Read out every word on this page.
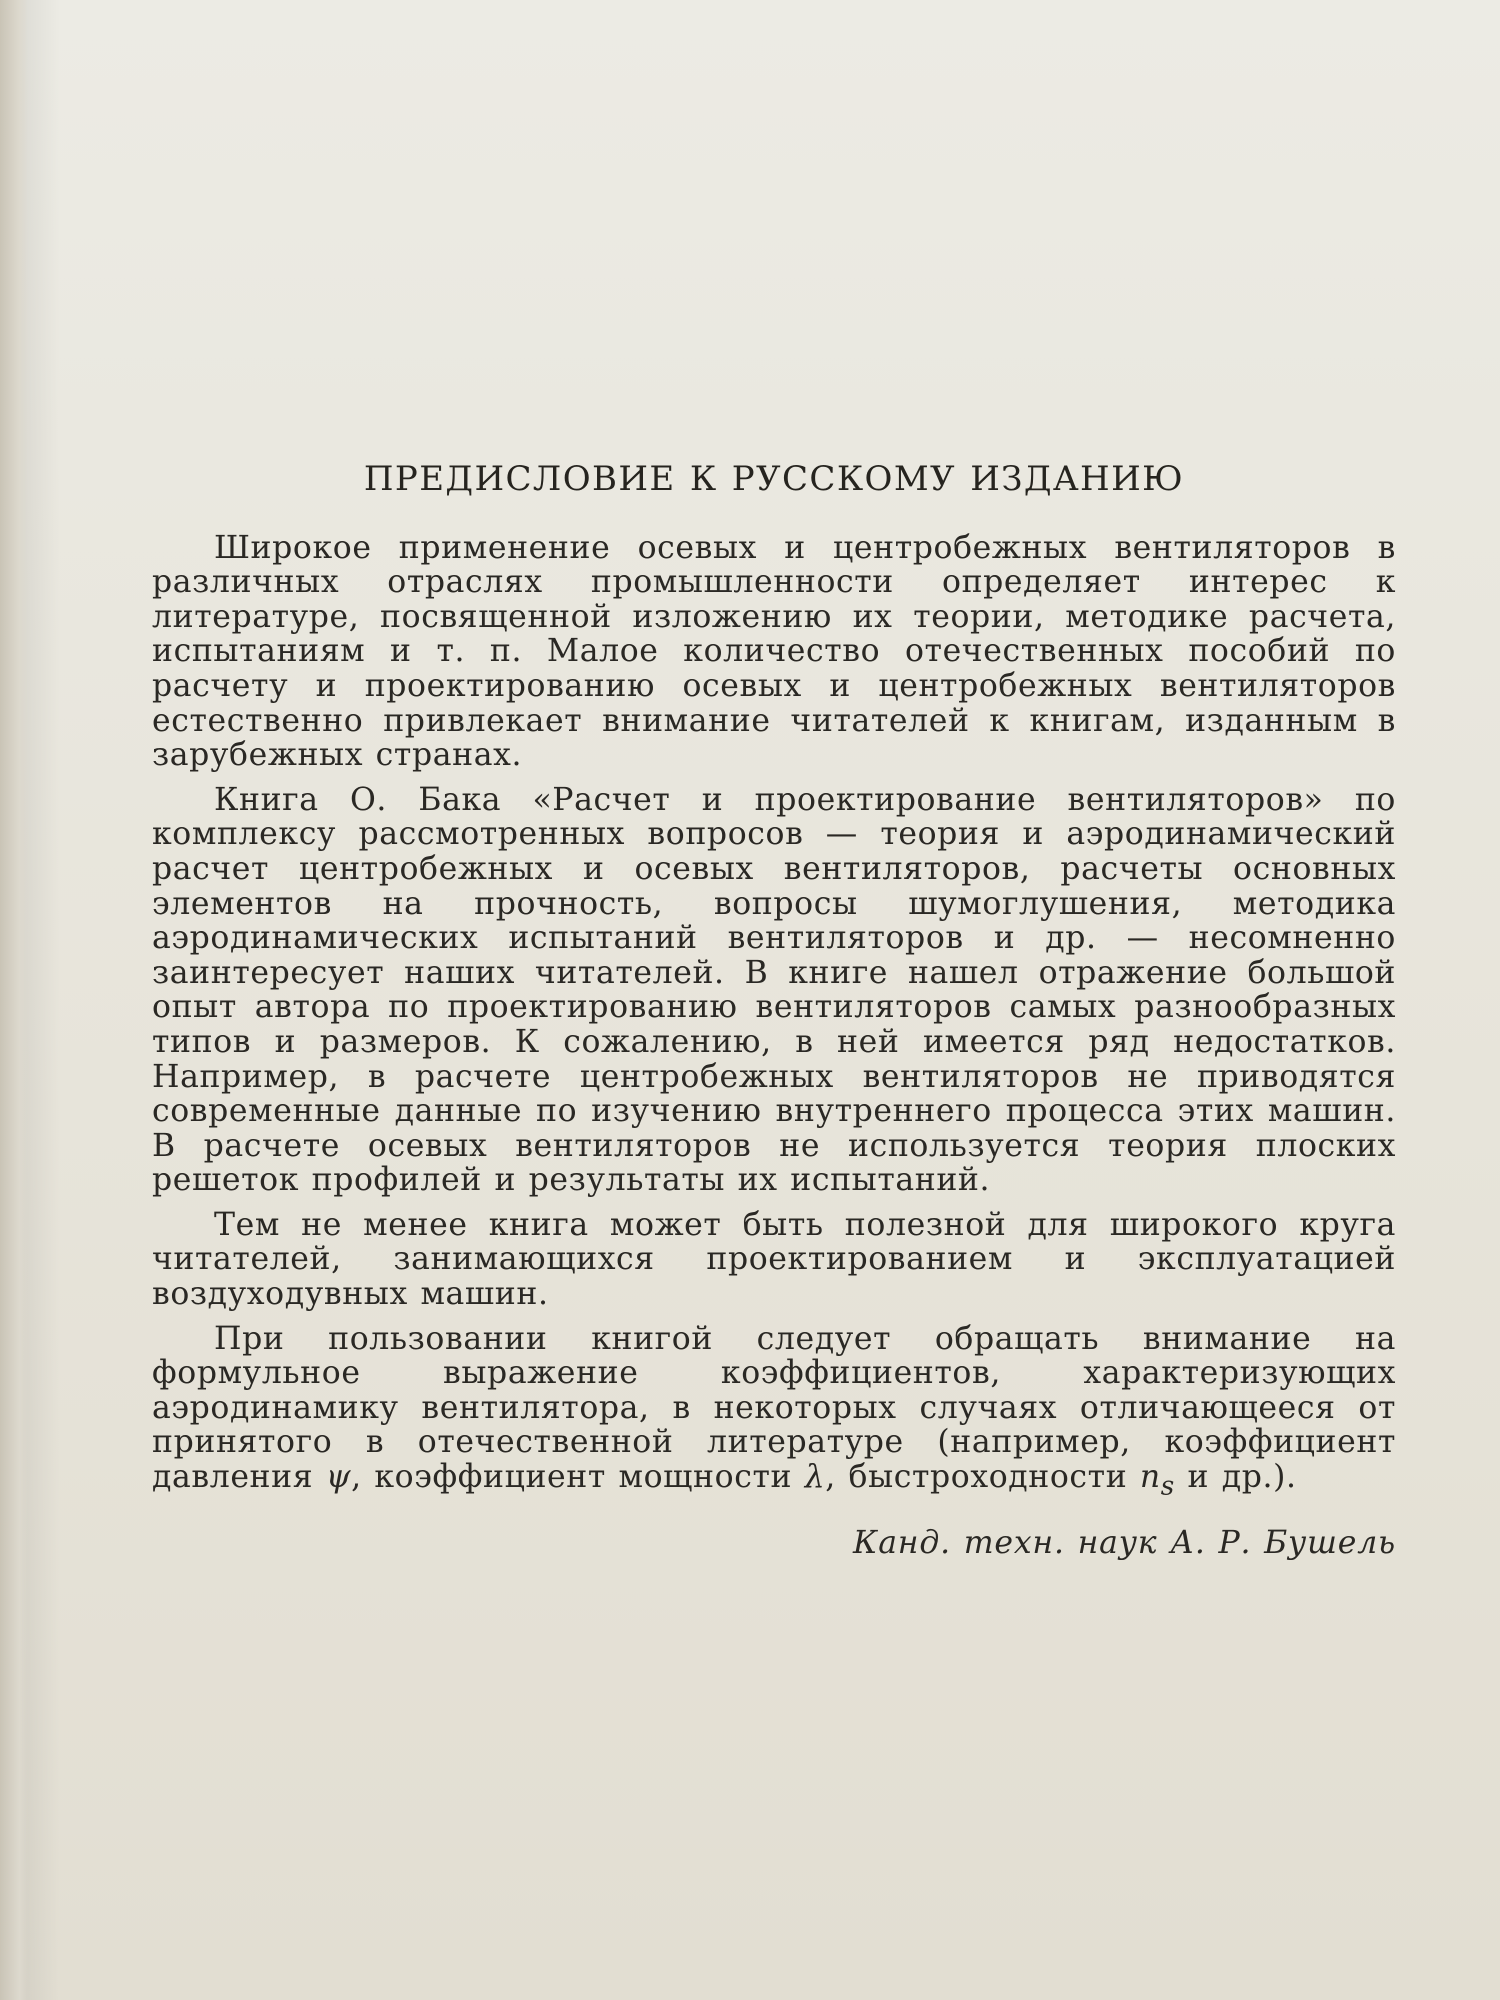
ПРЕДИСЛОВИЕ К РУССКОМУ ИЗДАНИЮ

Широкое применение осевых и центробежных вентиляторов в различных отраслях промышленности определяет интерес к литературе, посвященной изложению их теории, методике расчета, испытаниям и т. п. Малое количество отечественных пособий по расчету и проектированию осевых и центробежных вентиляторов естественно привлекает внимание читателей к книгам, изданным в зарубежных странах.

Книга О. Бака «Расчет и проектирование вентиляторов» по комплексу рассмотренных вопросов — теория и аэродинамический расчет центробежных и осевых вентиляторов, расчеты основных элементов на прочность, вопросы шумоглушения, методика аэродинамических испытаний вентиляторов и др. — несомненно заинтересует наших читателей. В книге нашел отражение большой опыт автора по проектированию вентиляторов самых разнообразных типов и размеров. К сожалению, в ней имеется ряд недостатков. Например, в расчете центробежных вентиляторов не приводятся современные данные по изучению внутреннего процесса этих машин. В расчете осевых вентиляторов не используется теория плоских решеток профилей и результаты их испытаний.

Тем не менее книга может быть полезной для широкого круга читателей, занимающихся проектированием и эксплуатацией воздуходувных машин.

При пользовании книгой следует обращать внимание на формульное выражение коэффициентов, характеризующих аэродинамику вентилятора, в некоторых случаях отличающееся от принятого в отечественной литературе (например, коэффициент давления ψ, коэффициент мощности λ, быстроходности $n_s$ и др.).

Канд. техн. наук А. Р. Бушель
